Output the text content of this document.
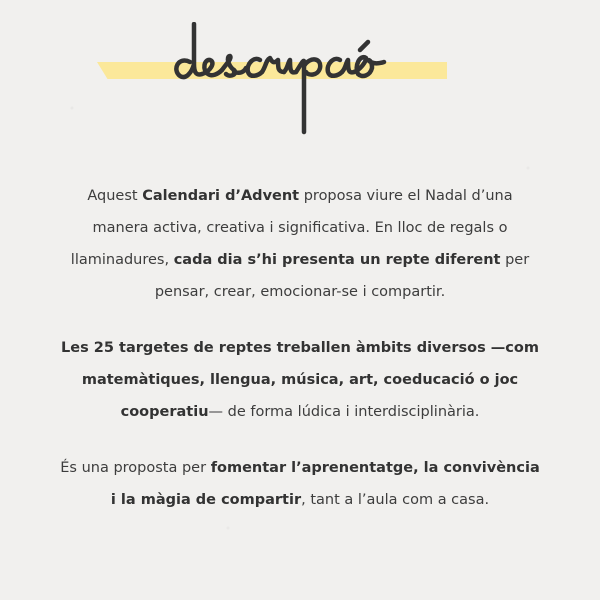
Aquest Calendari d’Advent proposa viure el Nadal d’una manera activa, creativa i significativa. En lloc de regals o llaminadures, cada dia s’hi presenta un repte diferent per pensar, crear, emocionar-se i compartir.

Les 25 targetes de reptes treballen àmbits diversos —com matemàtiques, llengua, música, art, coeducació o joc cooperatiu— de forma lúdica i interdisciplinària.

És una proposta per fomentar l’aprenentatge, la convivència i la màgia de compartir, tant a l’aula com a casa.
